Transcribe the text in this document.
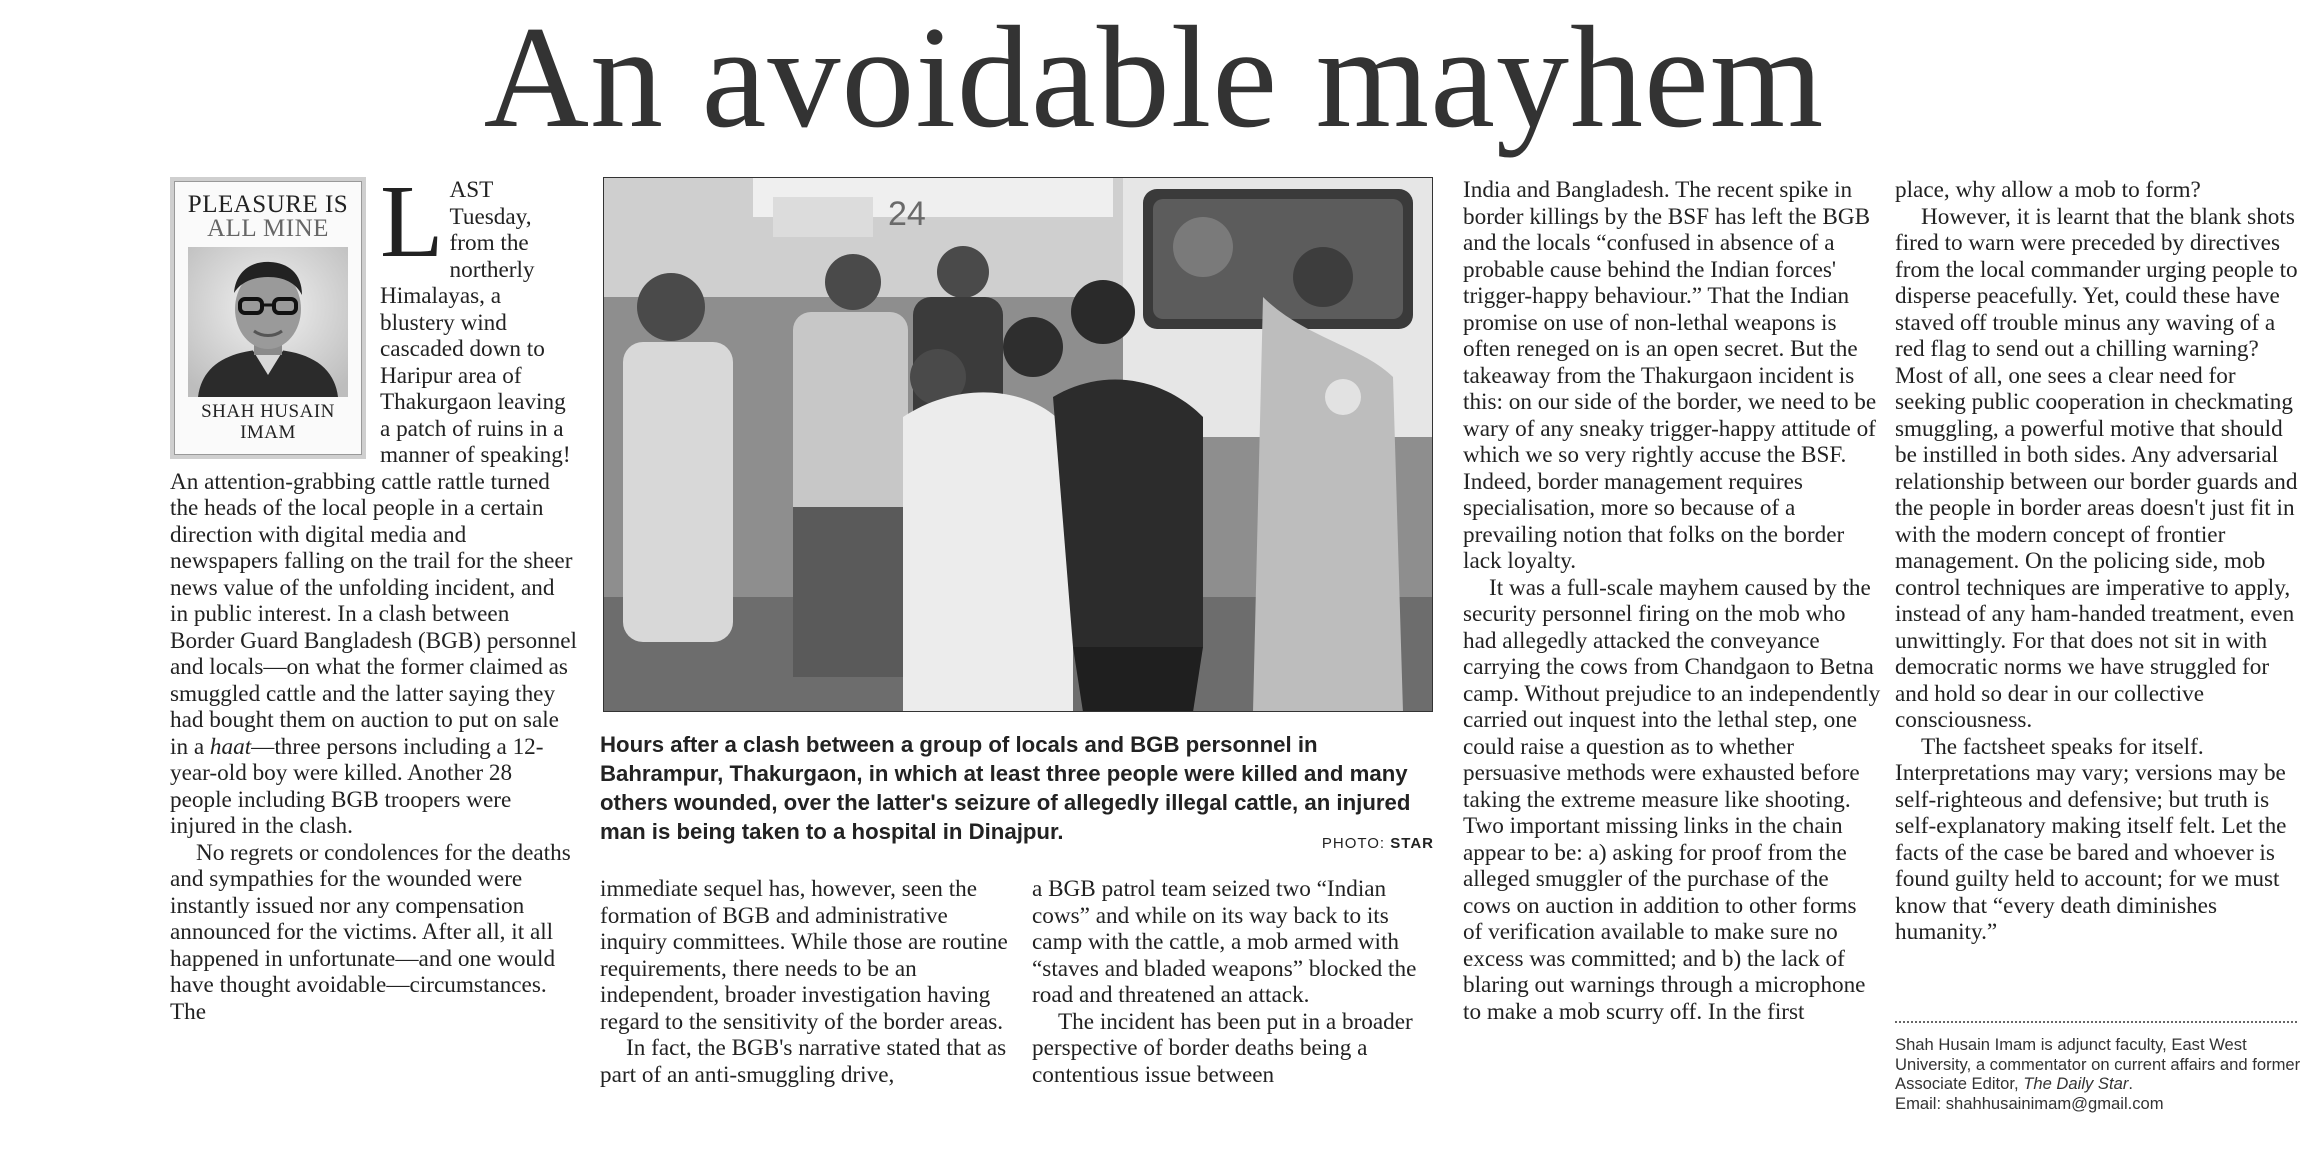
An avoidable mayhem
PLEASURE IS
ALL MINE
SHAH HUSAIN
IMAM

LAST Tuesday, from the northerly Himalayas, a blustery wind cascaded down to Haripur area of Thakurgaon leaving a patch of ruins in a manner of speaking! An attention-grabbing cattle rattle turned the heads of the local people in a certain direction with digital media and newspapers falling on the trail for the sheer news value of the unfolding incident, and in public interest. In a clash between Border Guard Bangladesh (BGB) personnel and locals—on what the former claimed as smuggled cattle and the latter saying they had bought them on auction to put on sale in a haat—three persons including a 12-year-old boy were killed. Another 28 people including BGB troopers were injured in the clash.

No regrets or condolences for the deaths and sympathies for the wounded were instantly issued nor any compensation announced for the victims. After all, it all happened in unfortunate—and one would have thought avoidable—circumstances. The

24
Hours after a clash between a group of locals and BGB personnel in Bahrampur, Thakurgaon, in which at least three people were killed and many others wounded, over the latter's seizure of allegedly illegal cattle, an injured man is being taken to a hospital in Dinajpur.	PHOTO: STAR

immediate sequel has, however, seen the formation of BGB and administrative inquiry committees. While those are routine requirements, there needs to be an independent, broader investigation having regard to the sensitivity of the border areas.

In fact, the BGB's narrative stated that as part of an anti-smuggling drive,

a BGB patrol team seized two “Indian cows” and while on its way back to its camp with the cattle, a mob armed with “staves and bladed weapons” blocked the road and threatened an attack.

The incident has been put in a broader perspective of border deaths being a contentious issue between

India and Bangladesh. The recent spike in border killings by the BSF has left the BGB and the locals “confused in absence of a probable cause behind the Indian forces' trigger-happy behaviour.” That the Indian promise on use of non-lethal weapons is often reneged on is an open secret. But the takeaway from the Thakurgaon incident is this: on our side of the border, we need to be wary of any sneaky trigger-happy attitude of which we so very rightly accuse the BSF. Indeed, border management requires specialisation, more so because of a prevailing notion that folks on the border lack loyalty.

It was a full-scale mayhem caused by the security personnel firing on the mob who had allegedly attacked the conveyance carrying the cows from Chandgaon to Betna camp. Without prejudice to an independently carried out inquest into the lethal step, one could raise a question as to whether persuasive methods were exhausted before taking the extreme measure like shooting. Two important missing links in the chain appear to be: a) asking for proof from the alleged smuggler of the purchase of the cows on auction in addition to other forms of verification available to make sure no excess was committed; and b) the lack of blaring out warnings through a microphone to make a mob scurry off. In the first

place, why allow a mob to form?

However, it is learnt that the blank shots fired to warn were preceded by directives from the local commander urging people to disperse peacefully. Yet, could these have staved off trouble minus any waving of a red flag to send out a chilling warning? Most of all, one sees a clear need for seeking public cooperation in checkmating smuggling, a powerful motive that should be instilled in both sides. Any adversarial relationship between our border guards and the people in border areas doesn't just fit in with the modern concept of frontier management. On the policing side, mob control techniques are imperative to apply, instead of any ham-handed treatment, even unwittingly. For that does not sit in with democratic norms we have struggled for and hold so dear in our collective consciousness.

The factsheet speaks for itself. Interpretations may vary; versions may be self-righteous and defensive; but truth is self-explanatory making itself felt. Let the facts of the case be bared and whoever is found guilty held to account; for we must know that “every death diminishes humanity.”

Shah Husain Imam is adjunct faculty, East West University, a commentator on current affairs and former Associate Editor, The Daily Star.
Email: shahhusainimam@gmail.com
